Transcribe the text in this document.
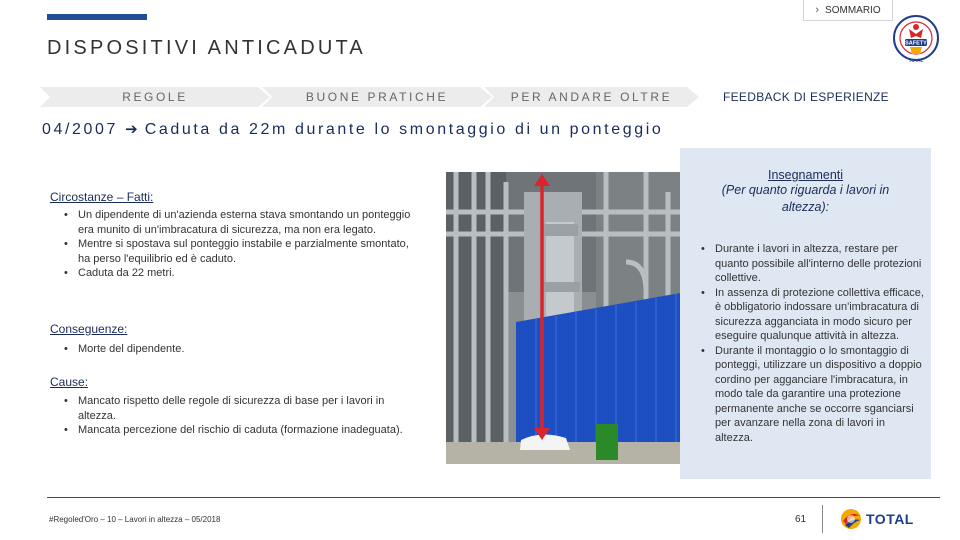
› SOMMARIO
DISPOSITIVI ANTICADUTA	SAFETY
TOTAL
REGOLE	BUONE PRATICHE	PER ANDARE OLTRE	FEEDBACK DI ESPERIENZE
04/2007 ➔ Caduta da 22m durante lo smontaggio di un ponteggio
Circostanze – Fatti:
• Un dipendente di un'azienda esterna stava smontando un ponteggio era munito di un'imbracatura di sicurezza, ma non era legato.
• Mentre si spostava sul ponteggio instabile e parzialmente smontato, ha perso l'equilibrio ed è caduto.
• Caduta da 22 metri.
Conseguenze:
• Morte del dipendente.
Cause:
• Mancato rispetto delle regole di sicurezza di base per i lavori in altezza.
• Mancata percezione del rischio di caduta (formazione inadeguata).
Insegnamenti
(Per quanto riguarda i lavori in altezza):
• Durante i lavori in altezza, restare per quanto possibile all'interno delle protezioni collettive.
• In assenza di protezione collettiva efficace, è obbligatorio indossare un'imbracatura di sicurezza agganciata in modo sicuro per eseguire qualunque attività in altezza.
• Durante il montaggio o lo smontaggio di ponteggi, utilizzare un dispositivo a doppio cordino per agganciare l'imbracatura, in modo tale da garantire una protezione permanente anche se occorre sganciarsi per avanzare nella zona di lavori in altezza.
#Regoled'Oro – 10 – Lavori in altezza – 05/2018	61	TOTAL
